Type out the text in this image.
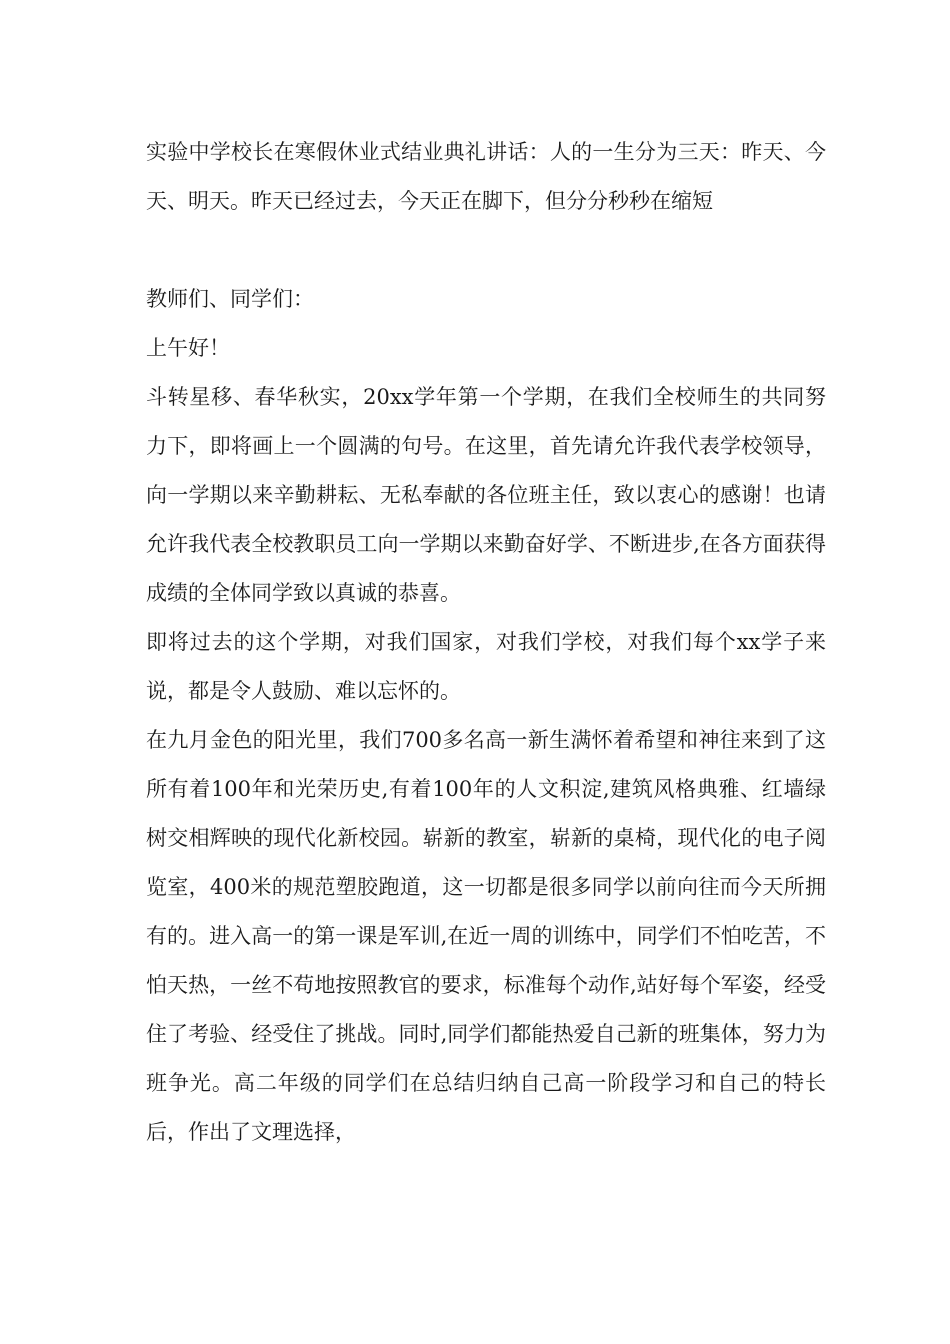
实验中学校长在寒假休业式结业典礼讲话：人的一生分为三天：昨天、今天、明天。昨天已经过去，今天正在脚下，但分分秒秒在缩短

教师们、同学们：

上午好！

斗转星移、春华秋实，20xx学年第一个学期，在我们全校师生的共同努力下，即将画上一个圆满的句号。在这里，首先请允许我代表学校领导，向一学期以来辛勤耕耘、无私奉献的各位班主任，致以衷心的感谢！也请允许我代表全校教职员工向一学期以来勤奋好学、不断进步,在各方面获得成绩的全体同学致以真诚的恭喜。

即将过去的这个学期，对我们国家，对我们学校，对我们每个xx学子来说，都是令人鼓励、难以忘怀的。

在九月金色的阳光里，我们700多名高一新生满怀着希望和神往来到了这所有着100年和光荣历史,有着100年的人文积淀,建筑风格典雅、红墙绿树交相辉映的现代化新校园。崭新的教室，崭新的桌椅，现代化的电子阅览室，400米的规范塑胶跑道，这一切都是很多同学以前向往而今天所拥有的。进入高一的第一课是军训,在近一周的训练中，同学们不怕吃苦，不怕天热，一丝不苟地按照教官的要求，标准每个动作,站好每个军姿，经受住了考验、经受住了挑战。同时,同学们都能热爱自己新的班集体，努力为班争光。高二年级的同学们在总结归纳自己高一阶段学习和自己的特长后，作出了文理选择，
